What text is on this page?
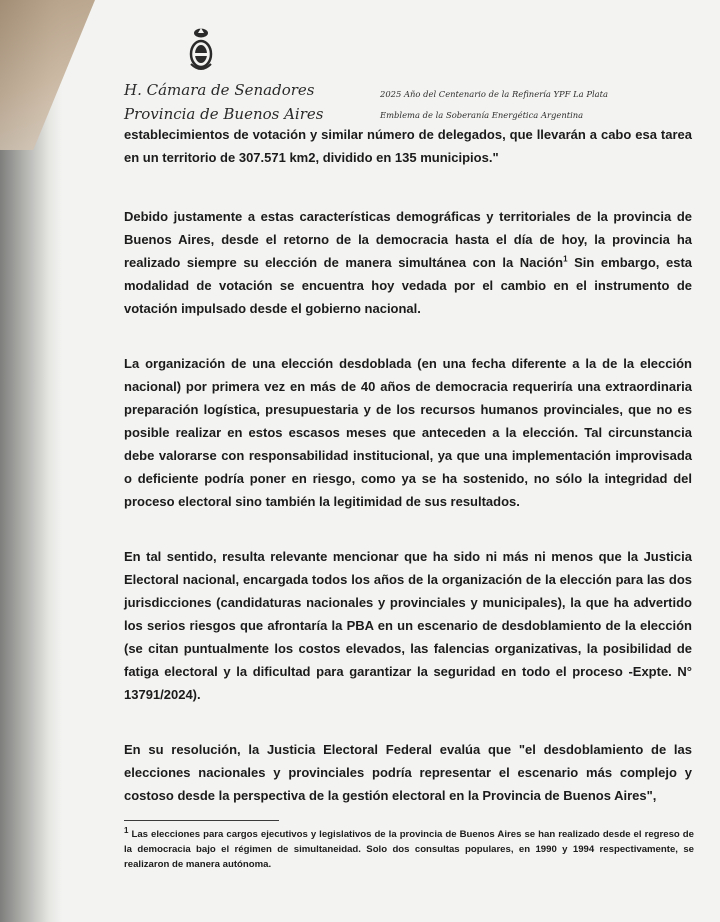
H. Cámara de Senadores
Provincia de Buenos Aires
2025 Año del Centenario de la Refinería YPF La Plata
Emblema de la Soberanía Energética Argentina

establecimientos de votación y similar número de delegados, que llevarán a cabo esa tarea en un territorio de 307.571 km2, dividido en 135 municipios."

Debido justamente a estas características demográficas y territoriales de la provincia de Buenos Aires, desde el retorno de la democracia hasta el día de hoy, la provincia ha realizado siempre su elección de manera simultánea con la Nación$^1$ Sin embargo, esta modalidad de votación se encuentra hoy vedada por el cambio en el instrumento de votación impulsado desde el gobierno nacional.

La organización de una elección desdoblada (en una fecha diferente a la de la elección nacional) por primera vez en más de 40 años de democracia requeriría una extraordinaria preparación logística, presupuestaria y de los recursos humanos provinciales, que no es posible realizar en estos escasos meses que anteceden a la elección. Tal circunstancia debe valorarse con responsabilidad institucional, ya que una implementación improvisada o deficiente podría poner en riesgo, como ya se ha sostenido, no sólo la integridad del proceso electoral sino también la legitimidad de sus resultados.

En tal sentido, resulta relevante mencionar que ha sido ni más ni menos que la Justicia Electoral nacional, encargada todos los años de la organización de la elección para las dos jurisdicciones (candidaturas nacionales y provinciales y municipales), la que ha advertido los serios riesgos que afrontaría la PBA en un escenario de desdoblamiento de la elección (se citan puntualmente los costos elevados, las falencias organizativas, la posibilidad de fatiga electoral y la dificultad para garantizar la seguridad en todo el proceso -Expte. N° 13791/2024).

En su resolución, la Justicia Electoral Federal evalúa que "el desdoblamiento de las elecciones nacionales y provinciales podría representar el escenario más complejo y costoso desde la perspectiva de la gestión electoral en la Provincia de Buenos Aires",

$^1$ Las elecciones para cargos ejecutivos y legislativos de la provincia de Buenos Aires se han realizado desde el regreso de la democracia bajo el régimen de simultaneidad. Solo dos consultas populares, en 1990 y 1994 respectivamente, se realizaron de manera autónoma.
